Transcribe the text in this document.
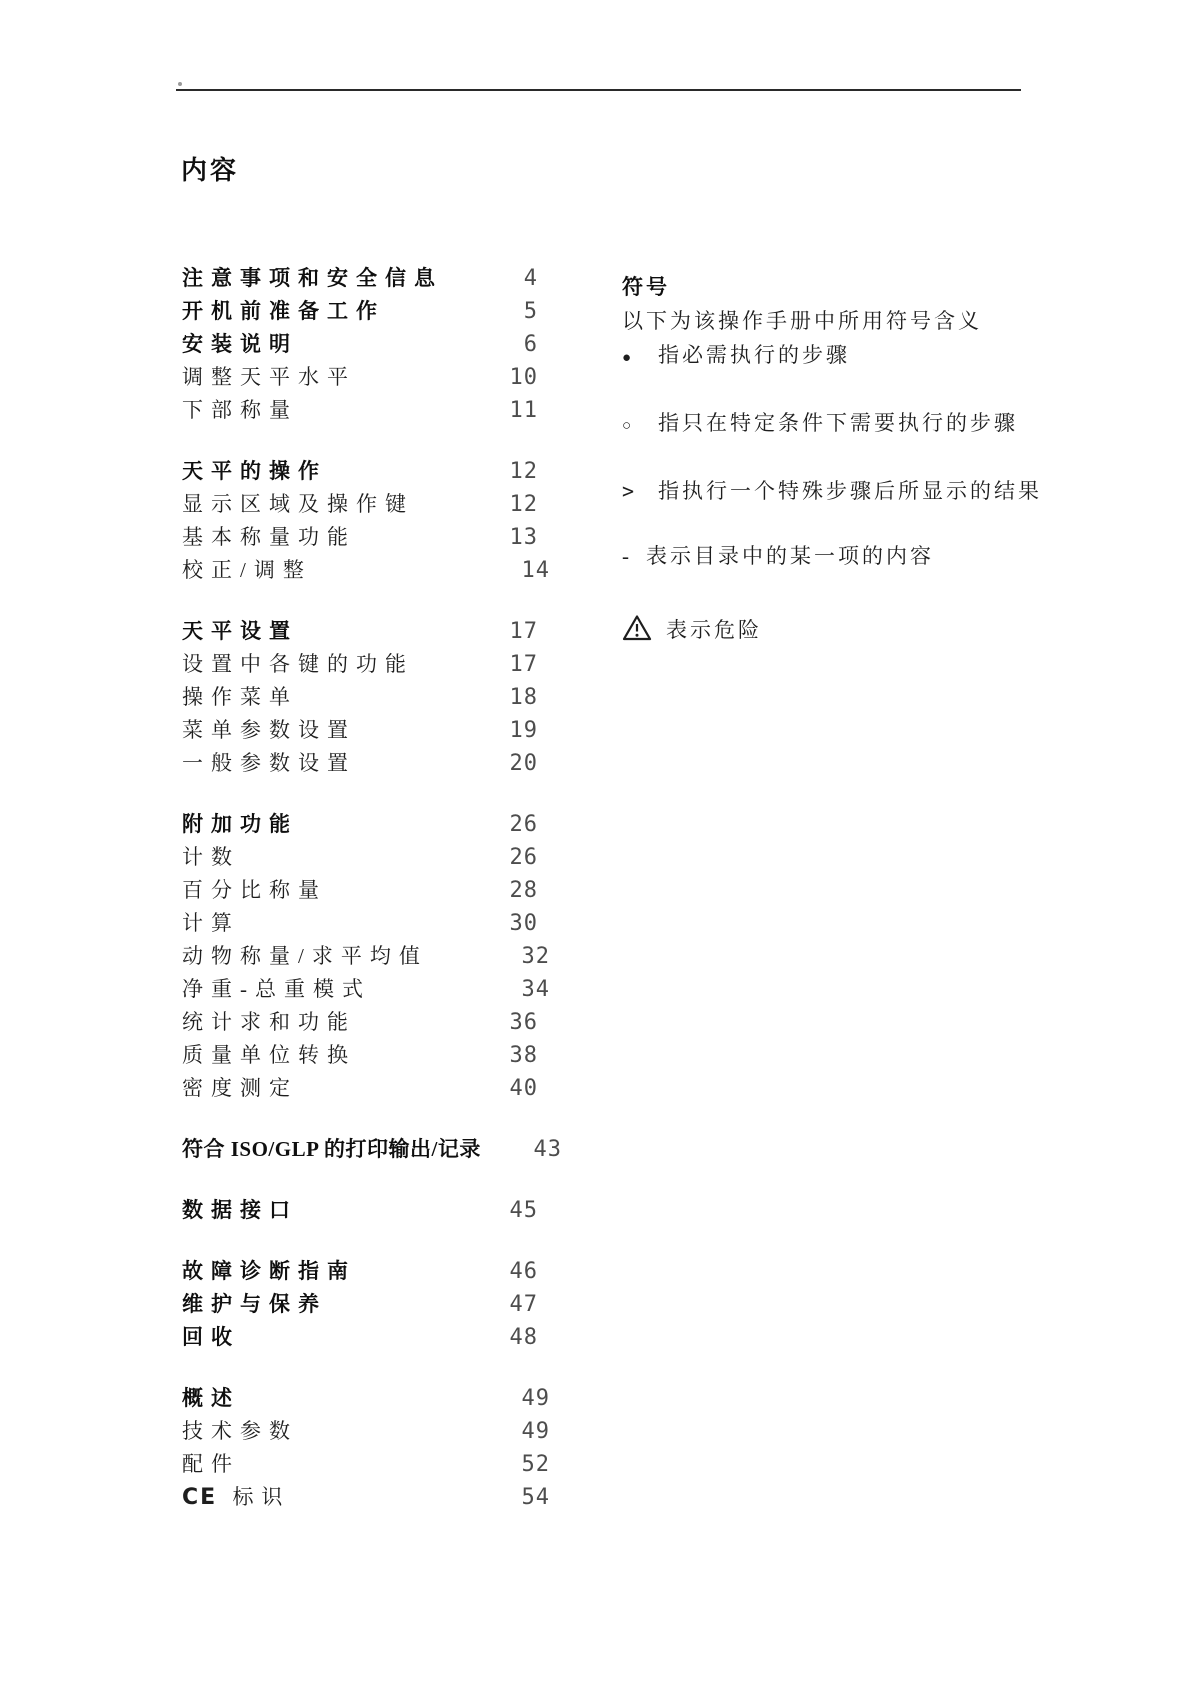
内容
注意事项和安全信息	4
开机前准备工作	5
安装说明	6
调整天平水平	10
下部称量	11
天平的操作	12
显示区域及操作键	12
基本称量功能	13
校正/调整	14
天平设置	17
设置中各键的功能	17
操作菜单	18
菜单参数设置	19
一般参数设置	20
附加功能	26
计数	26
百分比称量	28
计算	30
动物称量/求平均值	32
净重-总重模式	34
统计求和功能	36
质量单位转换	38
密度测定	40
符合 ISO/GLP 的打印输出/记录 43
数据接口	45
故障诊断指南	46
维护与保养	47
回收	48
概述	49
技术参数	49
配件	52
CE 标识	54
符号
以下为该操作手册中所用符号含义
●	指必需执行的步骤
○	指只在特定条件下需要执行的步骤
>	指执行一个特殊步骤后所显示的结果
- 表示目录中的某一项的内容
表示危险
